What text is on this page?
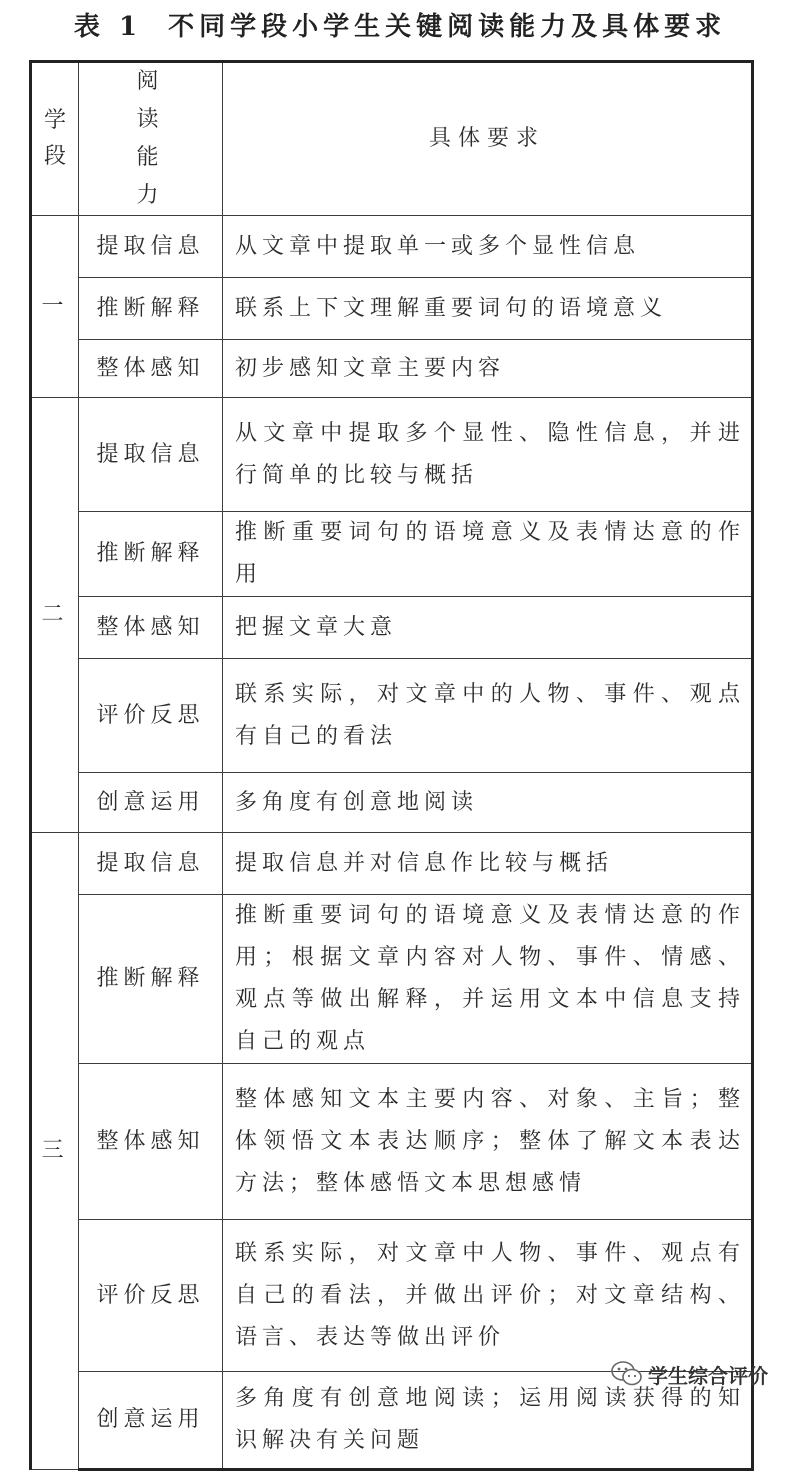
表 1 不同学段小学生关键阅读能力及具体要求
学段	阅读能力	具体要求
一	提取信息	从文章中提取单一或多个显性信息
	推断解释	联系上下文理解重要词句的语境意义
	整体感知	初步感知文章主要内容
二	提取信息	从文章中提取多个显性、隐性信息，并进行简单的比较与概括
	推断解释	推断重要词句的语境意义及表情达意的作用
	整体感知	把握文章大意
	评价反思	联系实际，对文章中的人物、事件、观点有自己的看法
	创意运用	多角度有创意地阅读
三	提取信息	提取信息并对信息作比较与概括
	推断解释	推断重要词句的语境意义及表情达意的作用；根据文章内容对人物、事件、情感、观点等做出解释，并运用文本中信息支持自己的观点
	整体感知	整体感知文本主要内容、对象、主旨；整体领悟文本表达顺序；整体了解文本表达方法；整体感悟文本思想感情
	评价反思	联系实际，对文章中人物、事件、观点有自己的看法，并做出评价；对文章结构、语言、表达等做出评价
	创意运用	多角度有创意地阅读；运用阅读获得的知识解决有关问题
学生综合评价
